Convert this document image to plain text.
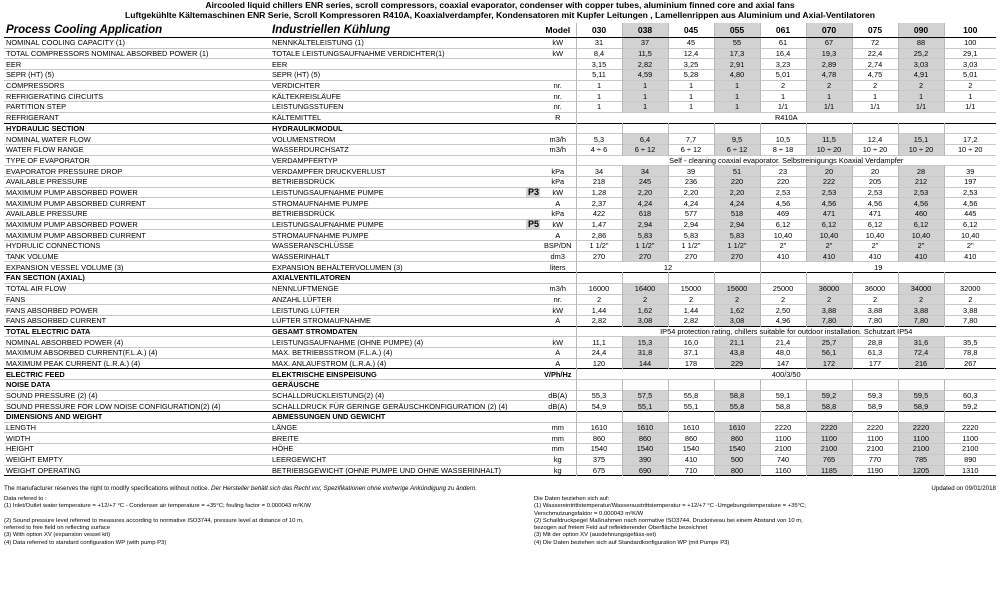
Aircooled liquid chillers ENR series, scroll compressors, coaxial evaporator, condenser with copper tubes, aluminium finned core and axial fans
Luftgekühlte Kältemaschinen ENR Serie, Scroll Kompressoren R410A, Koaxialverdampfer, Kondensatoren mit Kupfer Leitungen , Lamellenrippen aus Aluminium und Axial-Ventilatoren
Process Cooling Application	Industriellen Kühlung		Model	030	038	045	055	061	070	075	090	100
NOMINAL COOLING CAPACITY (1)	NENNKÄLTELEISTUNG (1)		kW	31	37	45	55	61	67	72	88	100
TOTAL COMPRESSORS NOMINAL ABSORBED POWER (1)	TOTALE LEISTUNGSAUFNAHME VERDICHTER(1)		kW	8,4	11,5	12,4	17,3	16,4	19,3	22,4	25,2	29,1
EER	EER			3,15	2,82	3,25	2,91	3,23	2,89	2,74	3,03	3,03
SEPR (HT) (5)	SEPR (HT) (5)			5,11	4,59	5,28	4,80	5,01	4,78	4,75	4,91	5,01
COMPRESSORS	VERDICHTER		nr.	1	1	1	1	2	2	2	2	2
REFRIGERATING CIRCUITS	KÄLTEKREISLÄUFE		nr.	1	1	1	1	1	1	1	1	1
PARTITION STEP	LEISTUNGSSTUFEN		nr.	1	1	1	1	1/1	1/1	1/1	1/1	1/1
REFRIGERANT	KÄLTEMITTEL		R	R410A								
HYDRAULIC SECTION	HYDRAULIKMODUL											
NOMINAL WATER FLOW	VOLUMENSTROM		m3/h	5,3	6,4	7,7	9,5	10,5	11,5	12,4	15,1	17,2
WATER FLOW RANGE	WASSERDURCHSATZ		m3/h	4 ÷ 6	6 ÷ 12	6 ÷ 12	6 ÷ 12	8 ÷ 18	10 ÷ 20	10 ÷ 20	10 ÷ 20	10 ÷ 20
TYPE OF EVAPORATOR	VERDAMPFERTYP			Self - cleaning coaxial evaporator. Selbstreinigungs Koaxial Verdampfer								
EVAPORATOR PRESSURE DROP	VERDAMPFER DRUCKVERLUST		kPa	34	34	39	51	23	20	20	28	39
AVAILABLE PRESSURE	BETRIEBSDRUCK		kPa	218	245	236	220	220	222	205	212	197
MAXIMUM PUMP ABSORBED POWER	LEISTUNGSAUFNAHME PUMPE	P3	kW	1,28	2,20	2,20	2,20	2,53	2,53	2,53	2,53	2,53
MAXIMUM PUMP ABSORBED CURRENT	STROMAUFNAHME PUMPE		A	2,37	4,24	4,24	4,24	4,56	4,56	4,56	4,56	4,56
AVAILABLE PRESSURE	BETRIEBSDRUCK		kPa	422	618	577	518	469	471	471	460	445
MAXIMUM PUMP ABSORBED POWER	LEISTUNGSAUFNAHME PUMPE	P5	kW	1,47	2,94	2,94	2,94	6,12	6,12	6,12	6,12	6,12
MAXIMUM PUMP ABSORBED CURRENT	STROMAUFNAHME PUMPE		A	2,86	5,83	5,83	5,83	10,40	10,40	10,40	10,40	10,40
HYDRULIC CONNECTIONS	WASSERANSCHLÜSSE		BSP/DN	1 1/2"	1 1/2"	1 1/2"	1 1/2"	2"	2"	2"	2"	2"
TANK VOLUME	WASSERINHALT		dm3	270	270	270	270	410	410	410	410	410
EXPANSION VESSEL VOLUME (3)	EXPANSION BEHÄLTERVOLUMEN (3)		liters	12				19				
FAN SECTION (AXIAL)	AXIALVENTILATOREN											
TOTAL AIR FLOW	NENNLUFTMENGE		m3/h	16000	16400	15000	15600	25000	36000	36000	34000	32000
FANS	ANZAHL LÜFTER		nr.	2	2	2	2	2	2	2	2	2
FANS ABSORBED POWER	LEISTUNG LÜFTER		kW	1,44	1,62	1,44	1,62	2,50	3,88	3,88	3,88	3,88
FANS ABSORBED CURRENT	LÜFTER STROMAUFNAHME		A	2,82	3,08	2,82	3,08	4,96	7,80	7,80	7,80	7,80
TOTAL ELECTRIC DATA	GESAMT STROMDATEN			IP54 protection rating, chillers suitable for outdoor installation. Schutzart IP54								
NOMINAL ABSORBED POWER (4)	LEISTUNGSAUFNAHME (OHNE PUMPE) (4)		kW	11,1	15,3	16,0	21,1	21,4	25,7	28,8	31,6	35,5
MAXIMUM ABSORBED CURRENT(F.L.A.) (4)	MAX. BETRIEBSSTROM (F.L.A.) (4)		A	24,4	31,8	37,1	43,8	48,0	56,1	61,3	72,4	78,8
MAXIMUM PEAK CURRENT (L.R.A.) (4)	MAX. ANLAUFSTROM (L.R.A.) (4)		A	120	144	178	229	147	172	177	216	267
ELECTRIC FEED	ELEKTRISCHE EINSPEISUNG		V/Ph/Hz	400/3/50								
NOISE DATA	GERÄUSCHE											
SOUND PRESSURE (2) (4)	SCHALLDRUCKLEISTUNG(2) (4)		dB(A)	55,3	57,5	55,8	58,8	59,1	59,2	59,3	59,5	60,3
SOUND PRESSURE FOR LOW NOISE CONFIGURATION(2) (4)	SCHALLDRUCK FÜR GERINGE GERÄUSCHKONFIGURATION (2) (4)		dB(A)	54,9	55,1	55,1	55,8	58,8	58,8	58,9	58,9	59,2
DIMENSIONS AND WEIGHT	ABMESSUNGEN UND GEWICHT											
LENGTH	LÄNGE		mm	1610	1610	1610	1610	2220	2220	2220	2220	2220
WIDTH	BREITE		mm	860	860	860	860	1100	1100	1100	1100	1100
HEIGHT	HÖHE		mm	1540	1540	1540	1540	2100	2100	2100	2100	2100
WEIGHT EMPTY	LEERGEWICHT		kg	375	390	410	500	740	765	770	785	890
WEIGHT OPERATING	BETRIEBSGEWICHT (OHNE PUMPE UND OHNE WASSERINHALT)		kg	675	690	710	800	1160	1185	1190	1205	1310
The manufacturer reserves the right to modify specifications without notice. Der Hersteller behält sich das Recht vor, Spezifikationen ohne vorherige Ankündigung zu ändern.	Updated on 09/01/2018
Data refered to :
(1) Inlet/Outlet water temperature = +12/+7 °C - Condenser air temperature = +35°C; fouling factor = 0.000043 m²K/W
(2) Sound pressure level referred to measures according to normative ISO3744, pressure level at distance of 10 m,
referred to free field on reflecting surface
(3) With option XV (expansion vessel kit)
(4) Data referred to standard configuration WP (with pump P3)
Die Daten beziehen sich auf:
(1) Wassereintrittstemperatur/Wasseraustrittstemperatur = +12/+7 °C -Umgebungstemperature = +35°C;
Verschmutzungsfaktor = 0.000043 m²K/W
(2) Schalldruckpegel Maßnahmen nach normative ISO3744, Druckniveau bei einem Abstand von 10 m,
bezogen auf freiem Feld auf reflektierender Oberfläche bezeichnet
(3) Mit der option XV (ausdehnungsgefäss-set)
(4) Die Daten beziehen sich auf Standardkonfiguration WP (mit Pumpe P3)
